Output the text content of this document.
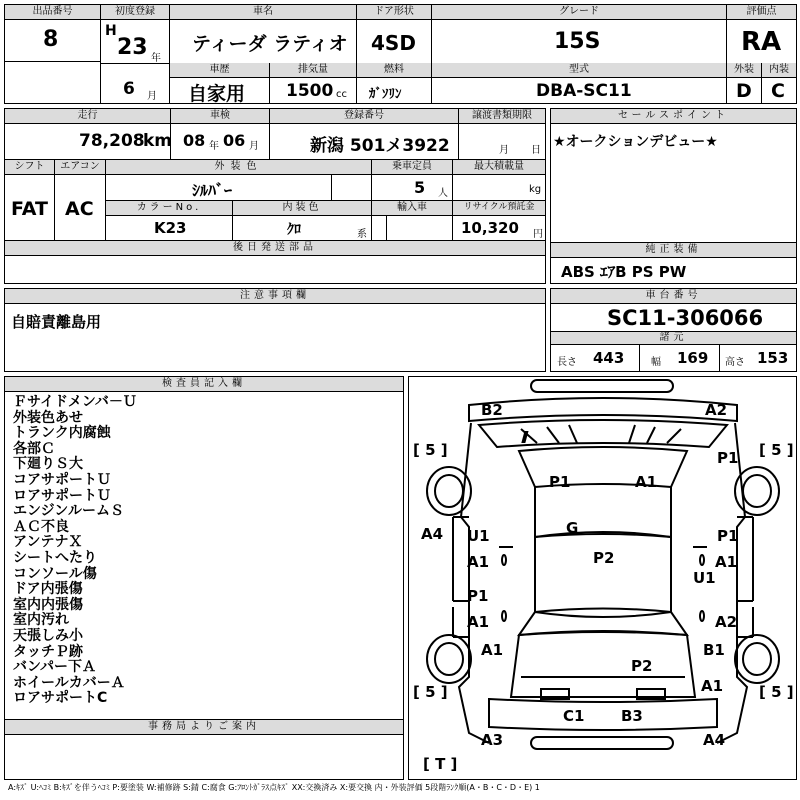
出品番号
8
初度登録
H
23 年
6 月
車名
ティーダ ラティオ
ドア形状
4SD
グレード
15S
評価点
RA
車歴
自家用
排気量
1500 cc
燃料
ｶﾞｿﾘﾝ
型式
DBA-SC11
外装
D
内装
C
走行
78,208
km
車検
08 年 06 月
登録番号
新潟 501メ3922
譲渡書類期限
月 日
シフト
FAT
エアコン
AC
外装色
ｼﾙﾊﾞｰ
乗車定員
5 人
最大積載量
kg
カラーNo.
K23
内装色
ｸﾛ	系
輸入車	リサイクル預託金
10,320 円
後日発送部品
セールスポイント
★オークションデビュー★
純正装備
ABS ｴｱB PS PW
注意事項欄
自賠責離島用
車台番号
SC11-306066
諸元
長さ 443	幅 169 高さ 153
検査員記入欄
Ｆサイドメンバ－Ｕ
外装色あせ
トランク内腐蝕
各部Ｃ
下廻りＳ大
コアサポートＵ
ロアサポートＵ
エンジンルームＳ
ＡＣ不良
アンテナＸ
シートへたり
コンソール傷
ドア内張傷
室内内張傷
室内汚れ
天張しみ小
タッチＰ跡
バンパー下Ａ
ホイールカバーＡ
ロアサポートC
事務局よりご案内
B2	A2
[ 5 ]	[ 5 ]
P1
P1	A1
G
A4 U1	P1
A1	P2	A1
U1
P1
A1	A2
A1	B1
P2
A1
[ 5 ]	[ 5 ]
C1 B3
A3	A4
[ T ]
A:ｷｽﾞ U:ﾍｺﾐ B:ｷｽﾞを伴うﾍｺﾐ P:要塗装 W:補修跡 S:錆 C:腐食 G:ﾌﾛﾝﾄｶﾞﾗｽ点ｷｽﾞ XX:交換済み X:要交換 内・外装評価 5段階ﾗﾝｸ順(A・B・C・D・E) 1
